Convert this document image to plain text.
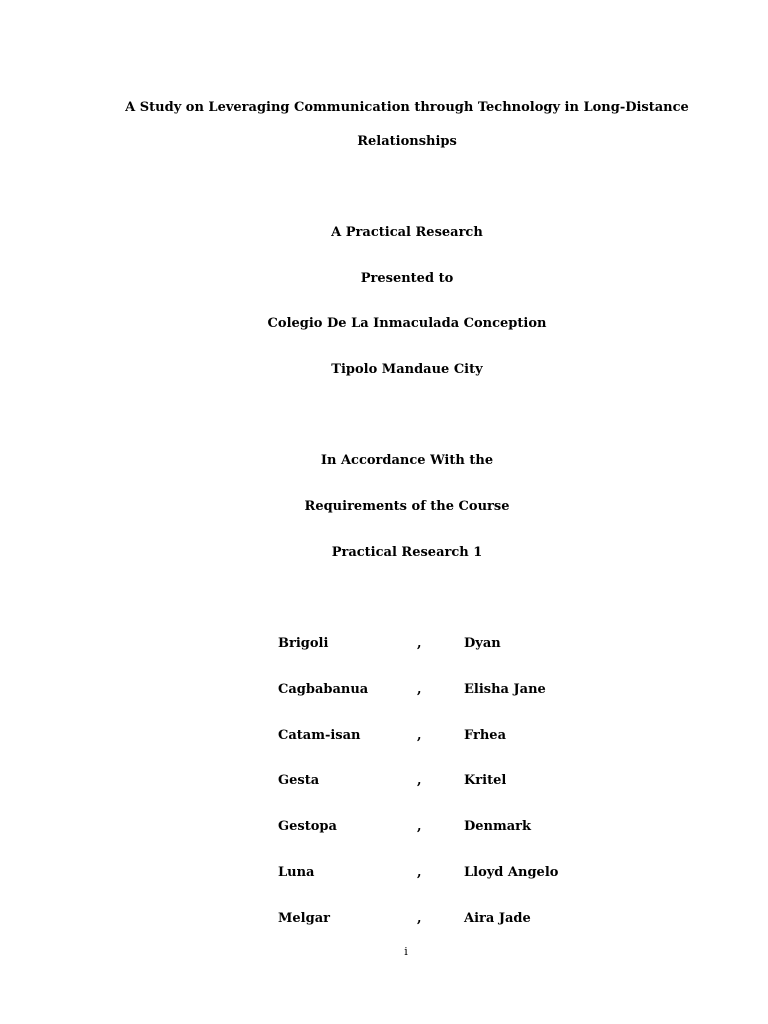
A Study on Leveraging Communication through Technology in Long-Distance
Relationships
A Practical Research
Presented to
Colegio De La Inmaculada Conception
Tipolo Mandaue City
In Accordance With the
Requirements of the Course
Practical Research 1
Brigoli	,	Dyan
Cagbabanua	,	Elisha Jane
Catam-isan	,	Frhea
Gesta	,	Kritel
Gestopa	,	Denmark
Luna	,	Lloyd Angelo
Melgar	,	Aira Jade
i
